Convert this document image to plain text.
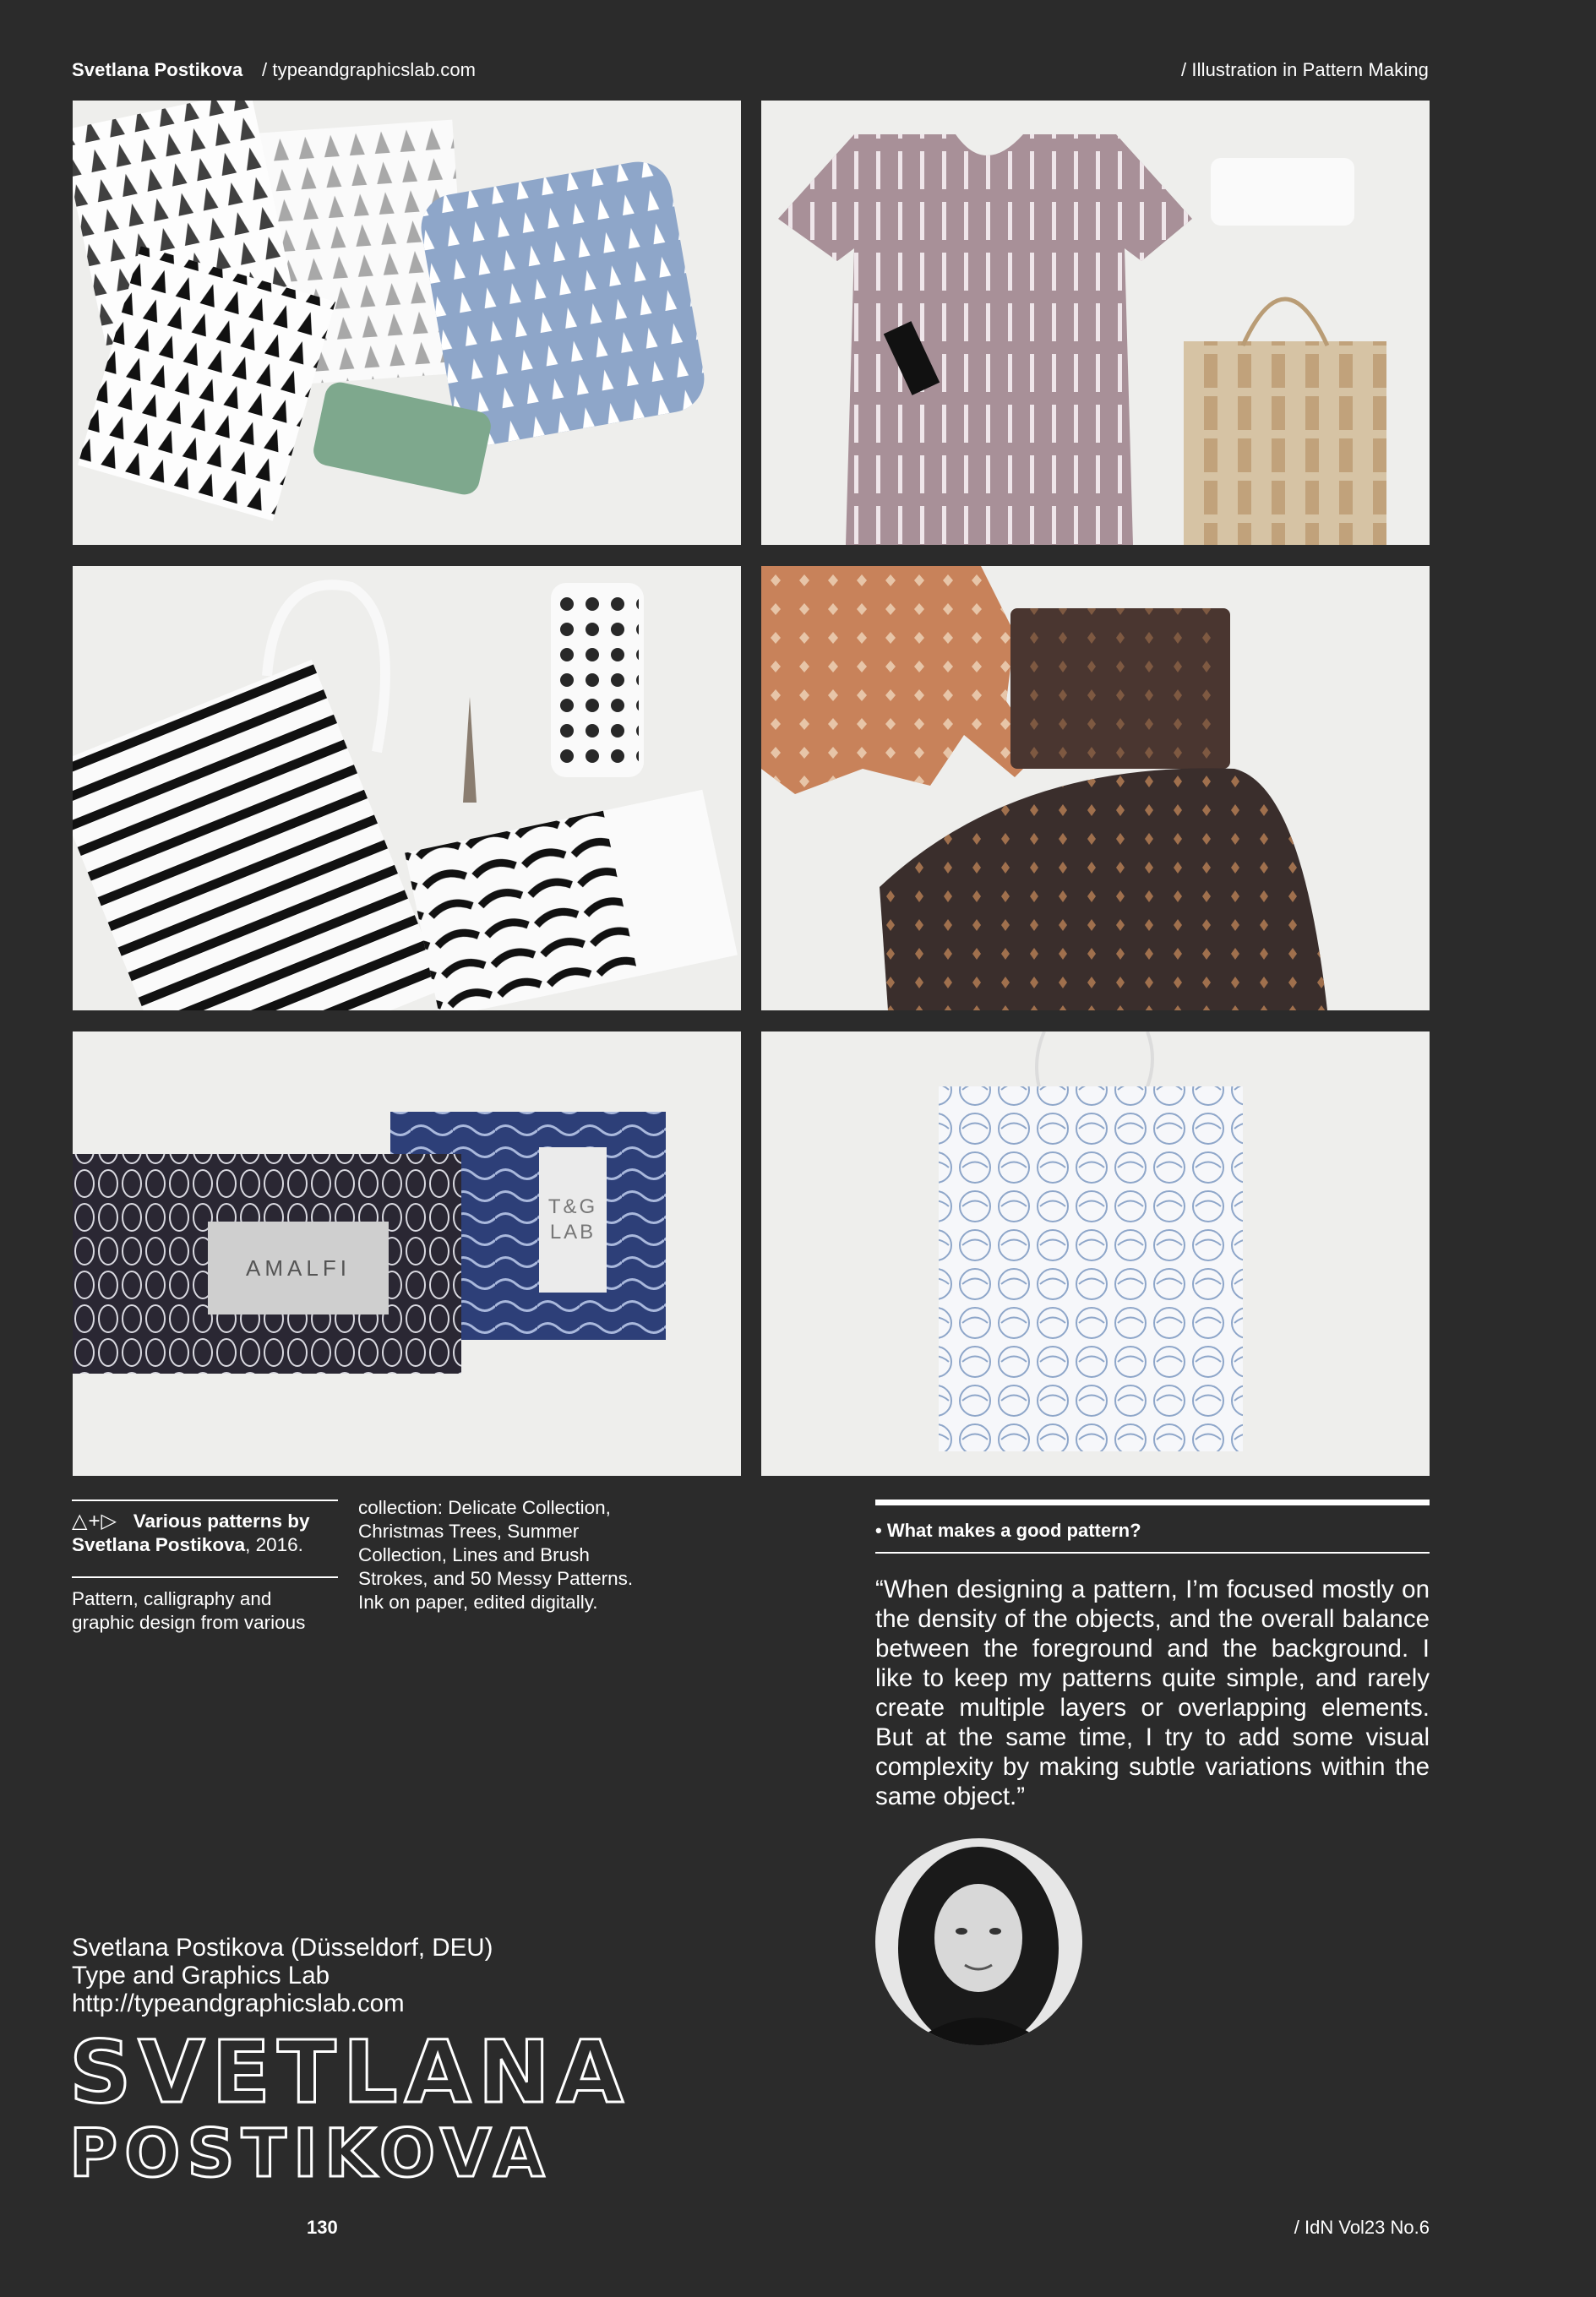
Svetlana Postikova / typeandgraphicslab.com	/ Illustration in Pattern Making
AMALFI
T&G
LAB
△+▷ Various patterns by Svetlana Postikova, 2016.
Pattern, calligraphy and graphic design from various
collection: Delicate Collection, Christmas Trees, Summer Collection, Lines and Brush Strokes, and 50 Messy Patterns. Ink on paper, edited digitally.
• What makes a good pattern?
“When designing a pattern, I’m focused mostly on the density of the objects, and the overall balance between the foreground and the background. I like to keep my patterns quite simple, and rarely create multiple layers or overlapping elements. But at the same time, I try to add some visual complexity by making subtle variations within the same object.”
Svetlana Postikova (Düsseldorf, DEU)
Type and Graphics Lab
http://typeandgraphicslab.com
SVETLANA
POSTIKOVA
130	/ IdN Vol23 No.6
